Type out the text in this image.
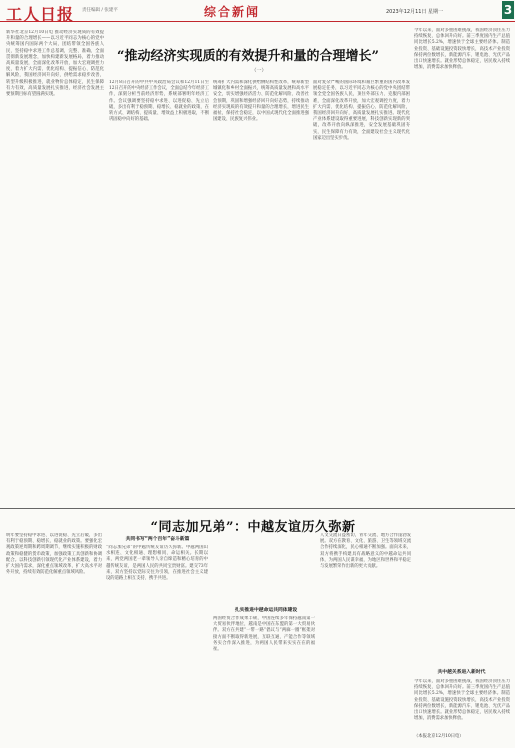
工人日报 责任编辑 / 张建平	综合新闻	2023年12月11日 星期一	3
“推动经济实现质的有效提升和量的合理增长”
（一）
新华社北京12月10日电 推动经济实现质的有效提升和量的合理增长——以习近平同志为核心的党中央统筹国内国际两个大局，团结带领全国各族人民，坚持稳中求进工作总基调，完整、准确、全面贯彻新发展理念，加快构建新发展格局，着力推动高质量发展，全面深化改革开放，加大宏观调控力度，着力扩大内需、优化结构、提振信心、防范化解风险，我国经济回升向好，供给需求稳步改善，转型升级积极推进，就业物价总体稳定，民生保障有力有效，高质量发展扎实推进，经济社会发展主要预期目标有望圆满实现。
12月8日召开的中共中央政治局会议和12月11日至12日召开的中央经济工作会议，全面总结今年经济工作，深刻分析当前经济形势，系统部署明年经济工作。会议强调要坚持稳中求进、以进促稳、先立后破，多出有利于稳预期、稳增长、稳就业的政策，在转方式、调结构、提质量、增效益上积极进取，不断巩固稳中向好的基础。
统筹扩大内需和深化供给侧结构性改革，统筹新型城镇化和乡村全面振兴，统筹高质量发展和高水平安全，切实增强经济活力、防范化解风险、改善社会预期，巩固和增强经济回升向好态势，持续推动经济实现质的有效提升和量的合理增长，增进民生福祉，保持社会稳定，以中国式现代化全面推进强国建设、民族复兴伟业。
面对复杂严峻的国际环境和艰巨繁重的国内改革发展稳定任务，以习近平同志为核心的党中央团结带领全党全国各族人民，顶住外部压力、克服内部困难，全面深化改革开放，加大宏观调控力度，着力扩大内需、优化结构、提振信心、防范化解风险，我国经济回升向好，高质量发展扎实推进。现代化产业体系建设取得重要进展，科技创新实现新的突破，改革开放向纵深推进，安全发展基础巩固夯实，民生保障有力有效，全面建设社会主义现代化国家迈出坚实步伐。
今年以来，面对多重困难挑战，我国经济顶住压力持续恢复、总体回升向好。前三季度国内生产总值同比增长5.2%，增速快于全球主要经济体。制造业投资、基础设施投资较快增长，高技术产业投资保持两位数增长，新能源汽车、锂电池、光伏产品出口快速增长。就业形势总体稳定，居民收入持续增加，消费需求加快释放。
“同志加兄弟”：中越友谊历久弥新
明年要坚持稳中求进、以进促稳、先立后破，多出有利于稳预期、稳增长、稳就业的政策。要强化宏观政策逆周期和跨周期调节，继续实施积极的财政政策和稳健的货币政策，加强政策工具创新和协调配合。以科技创新引领现代化产业体系建设，着力扩大国内需求，深化重点领域改革，扩大高水平对外开放，持续有效防范化解重点领域风险。
共同书写“两个百年”奋斗新篇
“同志加兄弟”的中越传统友谊历久弥新。中越两国山水相连、文化相通、理想相同、命运相关。长期以来，两党两国老一辈领导人亲自缔造和精心培育的中越传统友谊，是两国人民的共同宝贵财富。建交73年来，双方坚持以党际交往为引领，在推进社会主义建设的道路上相互支持、携手共进。
扎实推进中越命运共同体建设
两国经贸合作成果丰硕，中国连续多年保持越南第一大贸易伙伴地位，越南是中国在东盟的第一大贸易伙伴。双方在共建“一带一路”倡议与“两廊一圈”框架对接方面不断取得新进展，互联互通、产能合作等领域务实合作深入推进，为两国人民带来实实在在的福祉。
人文交流日益密切，青年交流、地方合作蓬勃发展。双方在教育、文化、旅游、卫生等领域交流合作持续深化，民心相通不断加强。面向未来，双方将携手构建具有战略意义的中越命运共同体，为两国人民谋幸福，为地区和世界和平稳定与发展繁荣作出新的更大贡献。
共中越关系进入新时代
今年以来，面对多重困难挑战，我国经济顶住压力持续恢复、总体回升向好。前三季度国内生产总值同比增长5.2%，增速快于全球主要经济体。制造业投资、基础设施投资较快增长，高技术产业投资保持两位数增长，新能源汽车、锂电池、光伏产品出口快速增长。就业形势总体稳定，居民收入持续增加，消费需求加快释放。
（本报北京12月10日电）
